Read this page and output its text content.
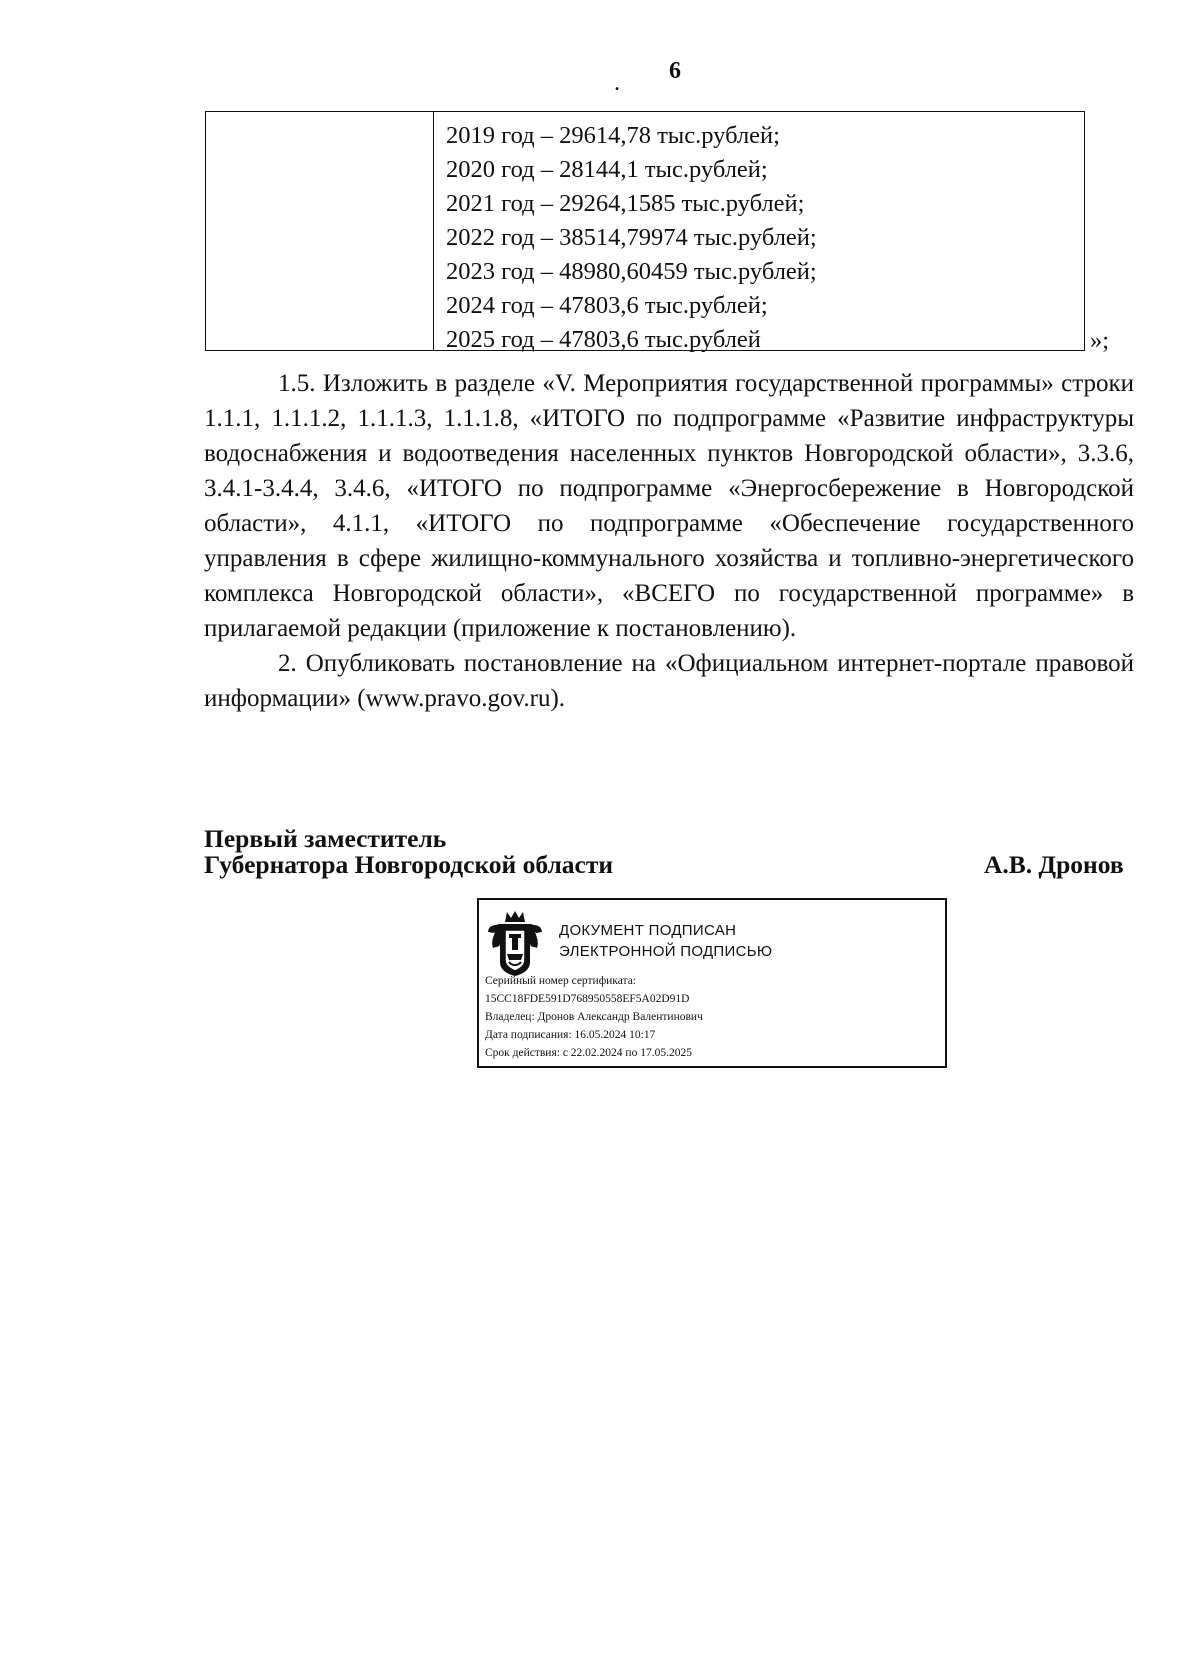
6
.
2019 год – 29614,78 тыс.рублей;
2020 год – 28144,1 тыс.рублей;
2021 год – 29264,1585 тыс.рублей;
2022 год – 38514,79974 тыс.рублей;
2023 год – 48980,60459 тыс.рублей;
2024 год – 47803,6 тыс.рублей;
2025 год – 47803,6 тыс.рублей	»;

1.5. Изложить в разделе «V. Мероприятия государственной программы» строки 1.1.1, 1.1.1.2, 1.1.1.3, 1.1.1.8, «ИТОГО по подпрограмме «Развитие инфраструктуры водоснабжения и водоотведения населенных пунктов Новгородской области», 3.3.6, 3.4.1-3.4.4, 3.4.6, «ИТОГО по подпрограмме «Энергосбережение в Новгородской области», 4.1.1, «ИТОГО по подпрограмме «Обеспечение государственного управления в сфере жилищно-коммунального хозяйства и топливно-энергетического комплекса Новгородской области», «ВСЕГО по государственной программе» в прилагаемой редакции (приложение к постановлению).

2. Опубликовать постановление на «Официальном интернет-портале правовой информации» (www.pravo.gov.ru).

Первый заместитель
Губернатора Новгородской области	А.В. Дронов
ДОКУМЕНТ ПОДПИСАН
ЭЛЕКТРОННОЙ ПОДПИСЬЮ
Серийный номер сертификата:
15CC18FDE591D768950558EF5A02D91D
Владелец: Дронов Александр Валентинович
Дата подписания: 16.05.2024 10:17
Срок действия: с 22.02.2024 по 17.05.2025
